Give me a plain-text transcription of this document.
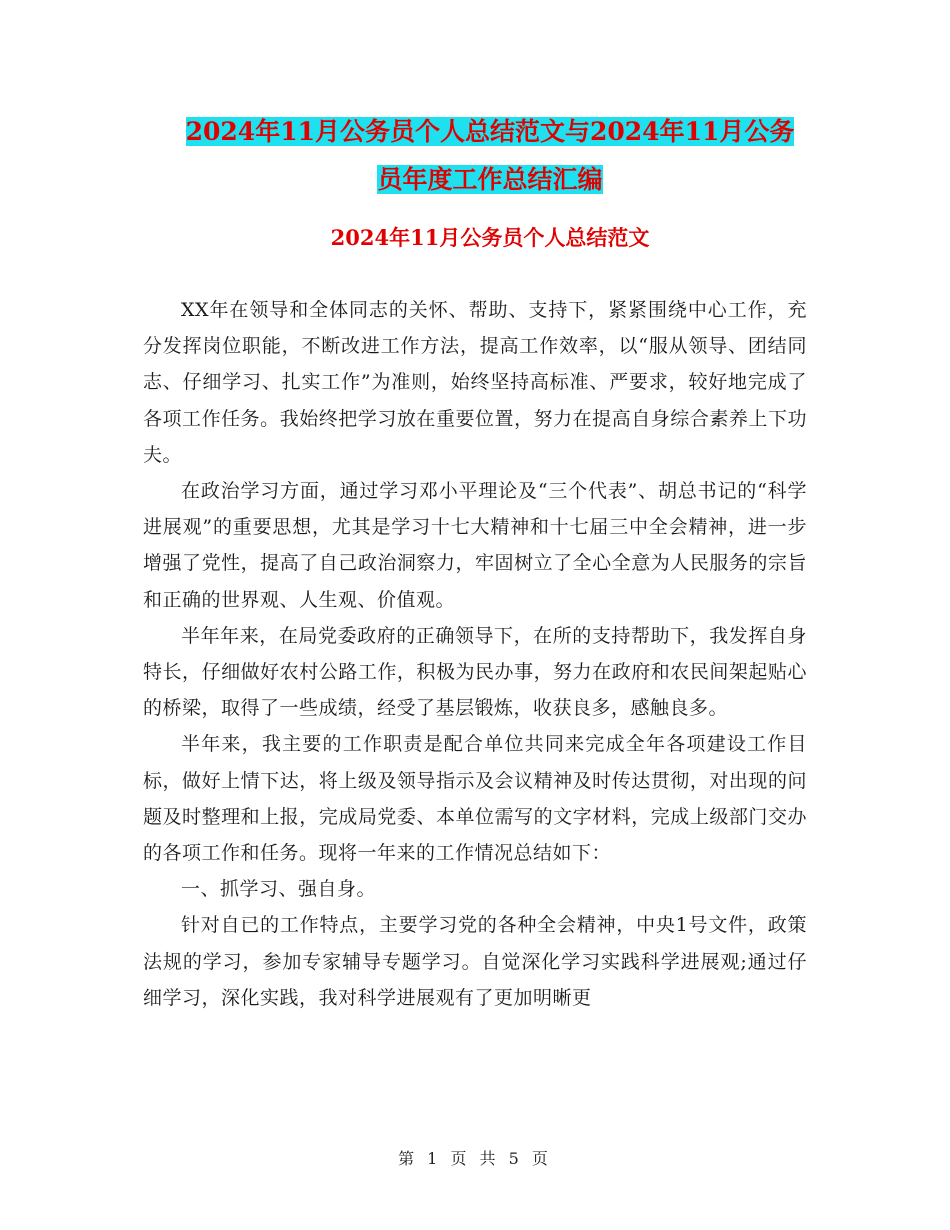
2024年11月公务员个人总结范文与2024年11月公务
员年度工作总结汇编
2024年11月公务员个人总结范文

XX年在领导和全体同志的关怀、帮助、支持下，紧紧围绕中心工作，充分发挥岗位职能，不断改进工作方法，提高工作效率，以“服从领导、团结同志、仔细学习、扎实工作”为准则，始终坚持高标准、严要求，较好地完成了各项工作任务。我始终把学习放在重要位置，努力在提高自身综合素养上下功夫。

在政治学习方面，通过学习邓小平理论及“三个代表”、胡总书记的“科学进展观”的重要思想，尤其是学习十七大精神和十七届三中全会精神，进一步增强了党性，提高了自己政治洞察力，牢固树立了全心全意为人民服务的宗旨和正确的世界观、人生观、价值观。

半年年来，在局党委政府的正确领导下，在所的支持帮助下，我发挥自身特长，仔细做好农村公路工作，积极为民办事，努力在政府和农民间架起贴心的桥梁，取得了一些成绩，经受了基层锻炼，收获良多，感触良多。

半年来，我主要的工作职责是配合单位共同来完成全年各项建设工作目标，做好上情下达，将上级及领导指示及会议精神及时传达贯彻，对出现的问题及时整理和上报，完成局党委、本单位需写的文字材料，完成上级部门交办的各项工作和任务。现将一年来的工作情况总结如下：

一、抓学习、强自身。

针对自已的工作特点，主要学习党的各种全会精神，中央1号文件，政策法规的学习，参加专家辅导专题学习。自觉深化学习实践科学进展观;通过仔细学习，深化实践，我对科学进展观有了更加明晰更

第 1 页 共 5 页
